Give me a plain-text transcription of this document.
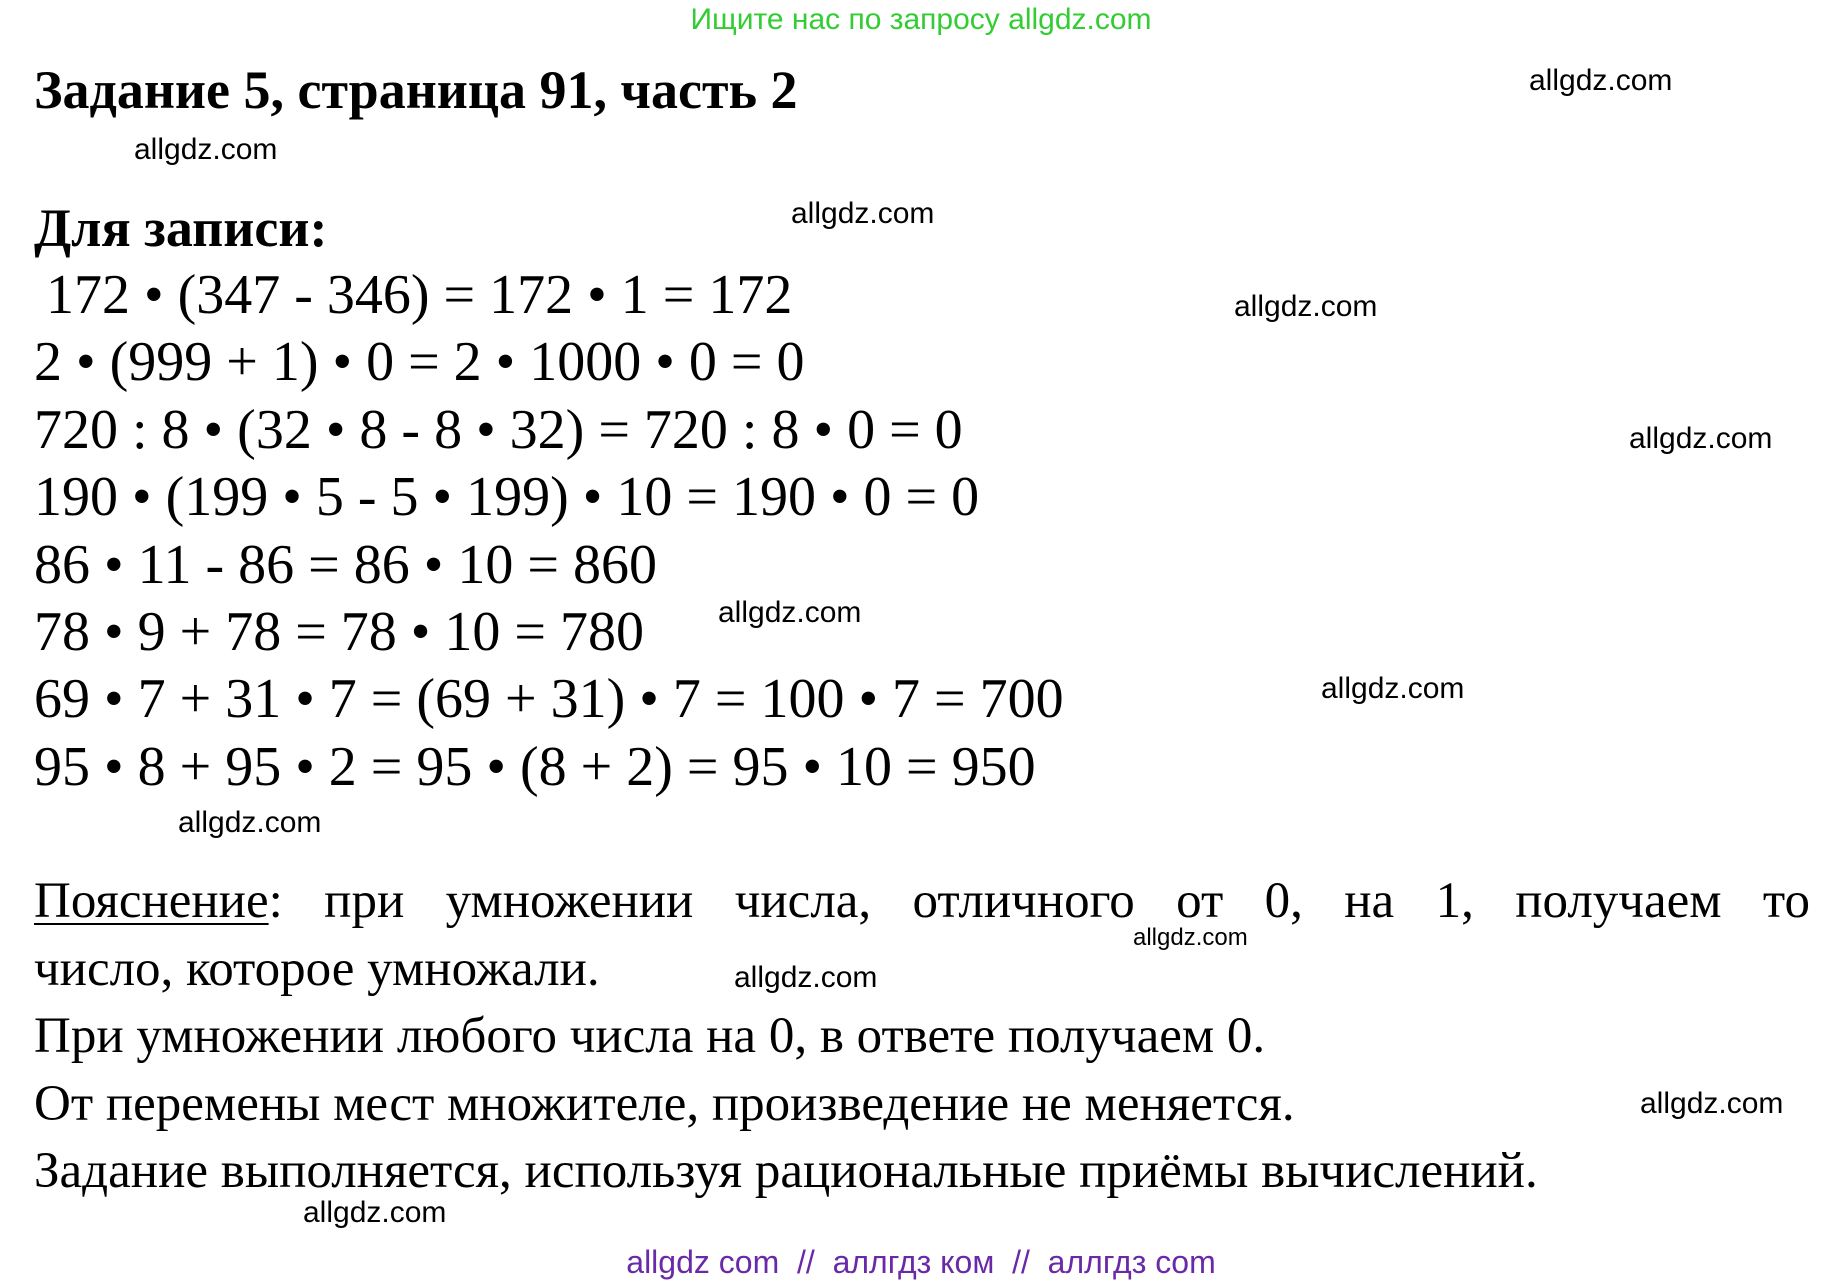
Ищите нас по запросу allgdz.com
Задание 5, страница 91, часть 2
Для записи:
172 • (347 - 346) = 172 • 1 = 172
2 • (999 + 1) • 0 = 2 • 1000 • 0 = 0
720 : 8 • (32 • 8 - 8 • 32) = 720 : 8 • 0 = 0
190 • (199 • 5 - 5 • 199) • 10 = 190 • 0 = 0
86 • 11 - 86 = 86 • 10 = 860
78 • 9 + 78 = 78 • 10 = 780
69 • 7 + 31 • 7 = (69 + 31) • 7 = 100 • 7 = 700
95 • 8 + 95 • 2 = 95 • (8 + 2) = 95 • 10 = 950
Пояснение: при умножении числа, отличного от 0, на 1, получаем то
число, которое умножали.
При умножении любого числа на 0, в ответе получаем 0.
От перемены мест множителе, произведение не меняется.
Задание выполняется, используя рациональные приёмы вычислений.
allgdz.com
allgdz.com
allgdz.com
allgdz.com
allgdz.com
allgdz.com
allgdz.com
allgdz.com
allgdz.com
allgdz.com
allgdz.com
allgdz.com
allgdz com  //  аллгдз ком  //  аллгдз com
